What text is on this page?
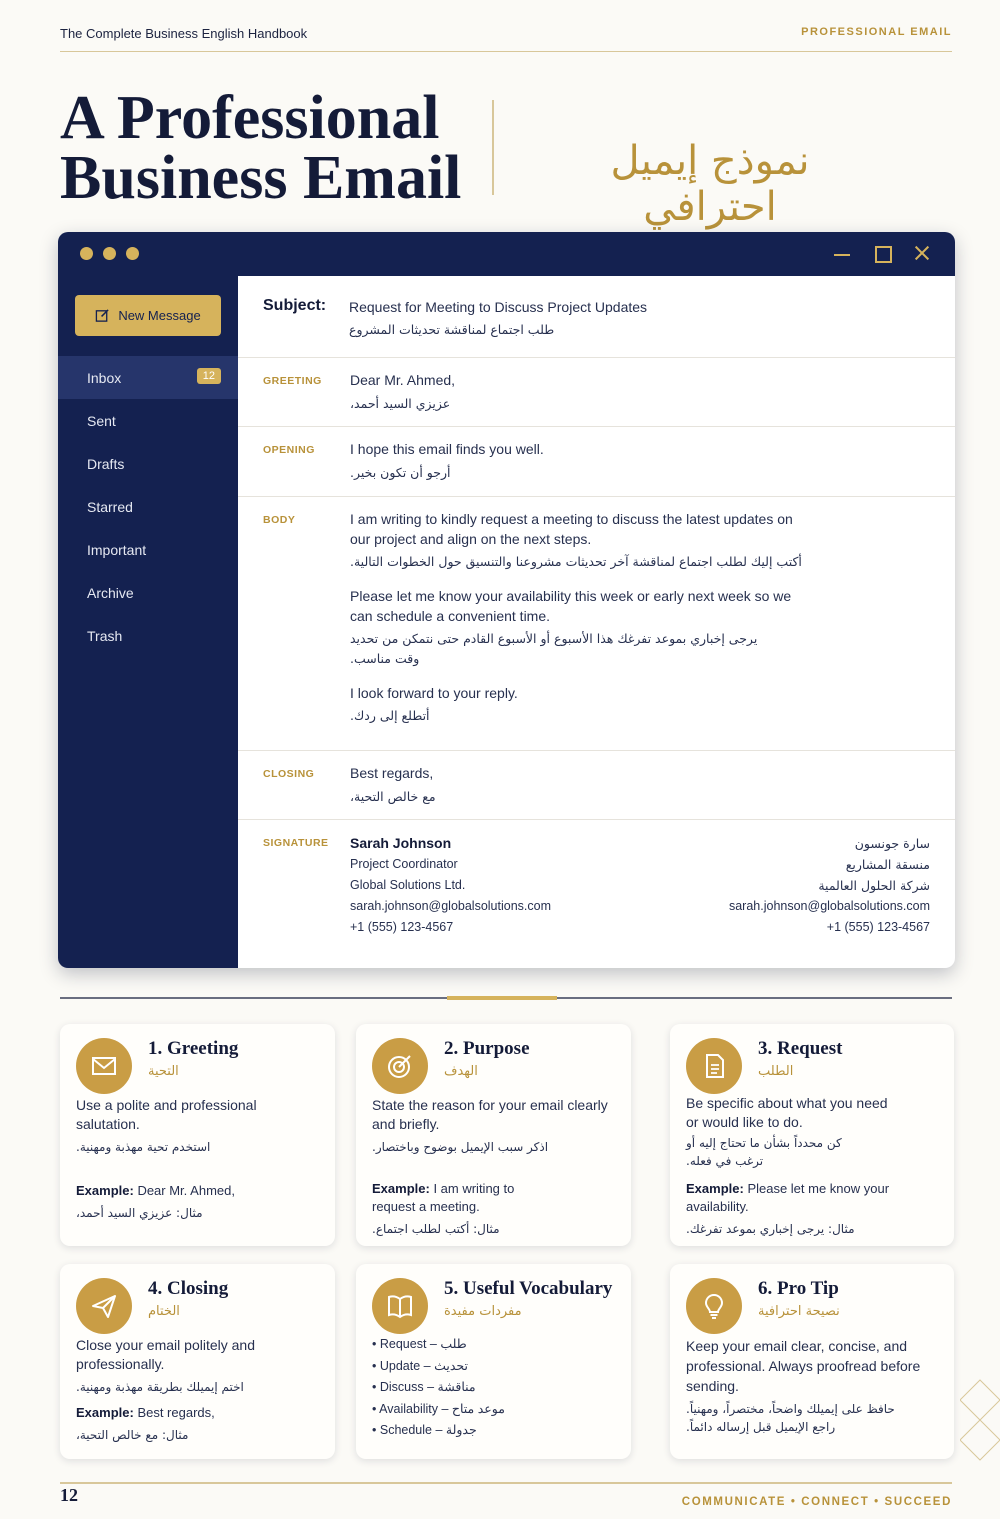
The Complete Business English Handbook	PROFESSIONAL EMAIL
A Professional
Business Email	نموذج إيميل احترافي
New Message
Inbox	12
Sent
Drafts
Starred
Important
Archive
Trash
Subject: Request for Meeting to Discuss Project Updates
طلب اجتماع لمناقشة تحديثات المشروع
GREETING Dear Mr. Ahmed,
عزيزي السيد أحمد،
OPENING	I hope this email finds you well.
أرجو أن تكون بخير.
BODY	I am writing to kindly request a meeting to discuss the latest updates on our project and align on the next steps.
أكتب إليك لطلب اجتماع لمناقشة آخر تحديثات مشروعنا والتنسيق حول الخطوات التالية.
Please let me know your availability this week or early next week so we can schedule a convenient time.
يرجى إخباري بموعد تفرغك هذا الأسبوع أو الأسبوع القادم حتى نتمكن من تحديد وقت مناسب.
I look forward to your reply.
أتطلع إلى ردك.
CLOSING	Best regards,
مع خالص التحية،
SIGNATURE Sarah Johnson
Project Coordinator
Global Solutions Ltd.
sarah.johnson@globalsolutions.com
+1 (555) 123-4567
سارة جونسون
منسقة المشاريع
شركة الحلول العالمية
sarah.johnson@globalsolutions.com
+1 (555) 123-4567
1. Greeting
التحية
Use a polite and professional salutation.
استخدم تحية مهذبة ومهنية.
Example: Dear Mr. Ahmed,
مثال: عزيزي السيد أحمد،
2. Purpose
الهدف
State the reason for your email clearly and briefly.
اذكر سبب الإيميل بوضوح وباختصار.
Example: I am writing to request a meeting.
مثال: أكتب لطلب اجتماع.
3. Request
الطلب
Be specific about what you need or would like to do.
كن محدداً بشأن ما تحتاج إليه أو ترغب في فعله.
Example: Please let me know your availability.
مثال: يرجى إخباري بموعد تفرغك.
4. Closing
الختام
Close your email politely and professionally.
اختم إيميلك بطريقة مهذبة ومهنية.
Example: Best regards,
مثال: مع خالص التحية،
5. Useful Vocabulary
مفردات مفيدة
• Request – طلب
• Update – تحديث
• Discuss – مناقشة
• Availability – موعد متاح
• Schedule – جدولة
6. Pro Tip
نصيحة احترافية
Keep your email clear, concise, and professional. Always proofread before sending.
حافظ على إيميلك واضحاً، مختصراً، ومهنياً. راجع الإيميل قبل إرساله دائماً.
12	COMMUNICATE • CONNECT • SUCCEED
